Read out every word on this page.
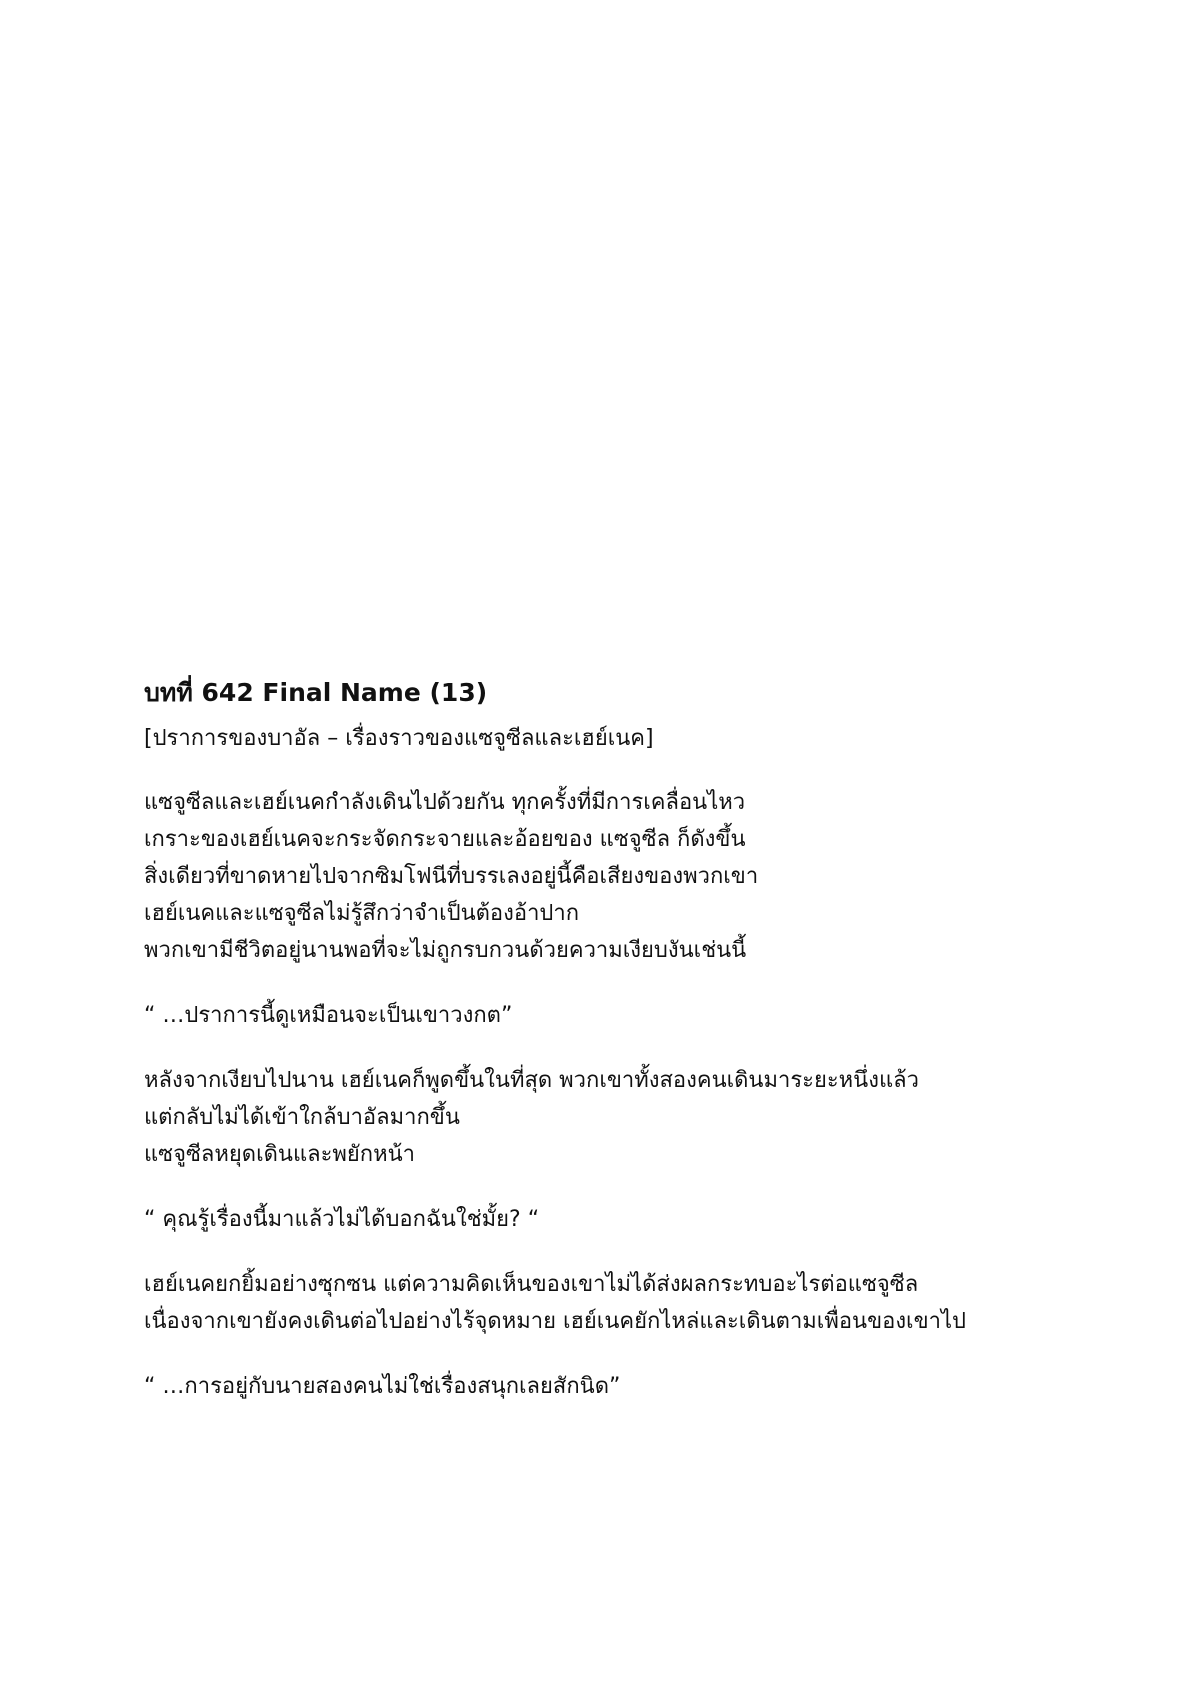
บทที่ 642 Final Name (13)
[ปราการของบาอัล – เรื่องราวของแซจูซีลและเฮย์เนค]
แซจูซีลและเฮย์เนคกำลังเดินไปด้วยกัน ทุกครั้งที่มีการเคลื่อนไหว
เกราะของเฮย์เนคจะกระจัดกระจายและอ้อยของ แซจูซีล ก็ดังขึ้น
สิ่งเดียวที่ขาดหายไปจากซิมโฟนีที่บรรเลงอยู่นี้คือเสียงของพวกเขา
เฮย์เนคและแซจูซีลไม่รู้สึกว่าจำเป็นต้องอ้าปาก
พวกเขามีชีวิตอยู่นานพอที่จะไม่ถูกรบกวนด้วยความเงียบงันเช่นนี้
“ …ปราการนี้ดูเหมือนจะเป็นเขาวงกต”
หลังจากเงียบไปนาน เฮย์เนคก็พูดขึ้นในที่สุด พวกเขาทั้งสองคนเดินมาระยะหนึ่งแล้ว
แต่กลับไม่ได้เข้าใกล้บาอัลมากขึ้น
แซจูซีลหยุดเดินและพยักหน้า
“ คุณรู้เรื่องนี้มาแล้วไม่ได้บอกฉันใช่มั้ย? “
เฮย์เนคยกยิ้มอย่างซุกซน แต่ความคิดเห็นของเขาไม่ได้ส่งผลกระทบอะไรต่อแซจูซีล
เนื่องจากเขายังคงเดินต่อไปอย่างไร้จุดหมาย เฮย์เนคยักไหล่และเดินตามเพื่อนของเขาไป
“ …การอยู่กับนายสองคนไม่ใช่เรื่องสนุกเลยสักนิด”
